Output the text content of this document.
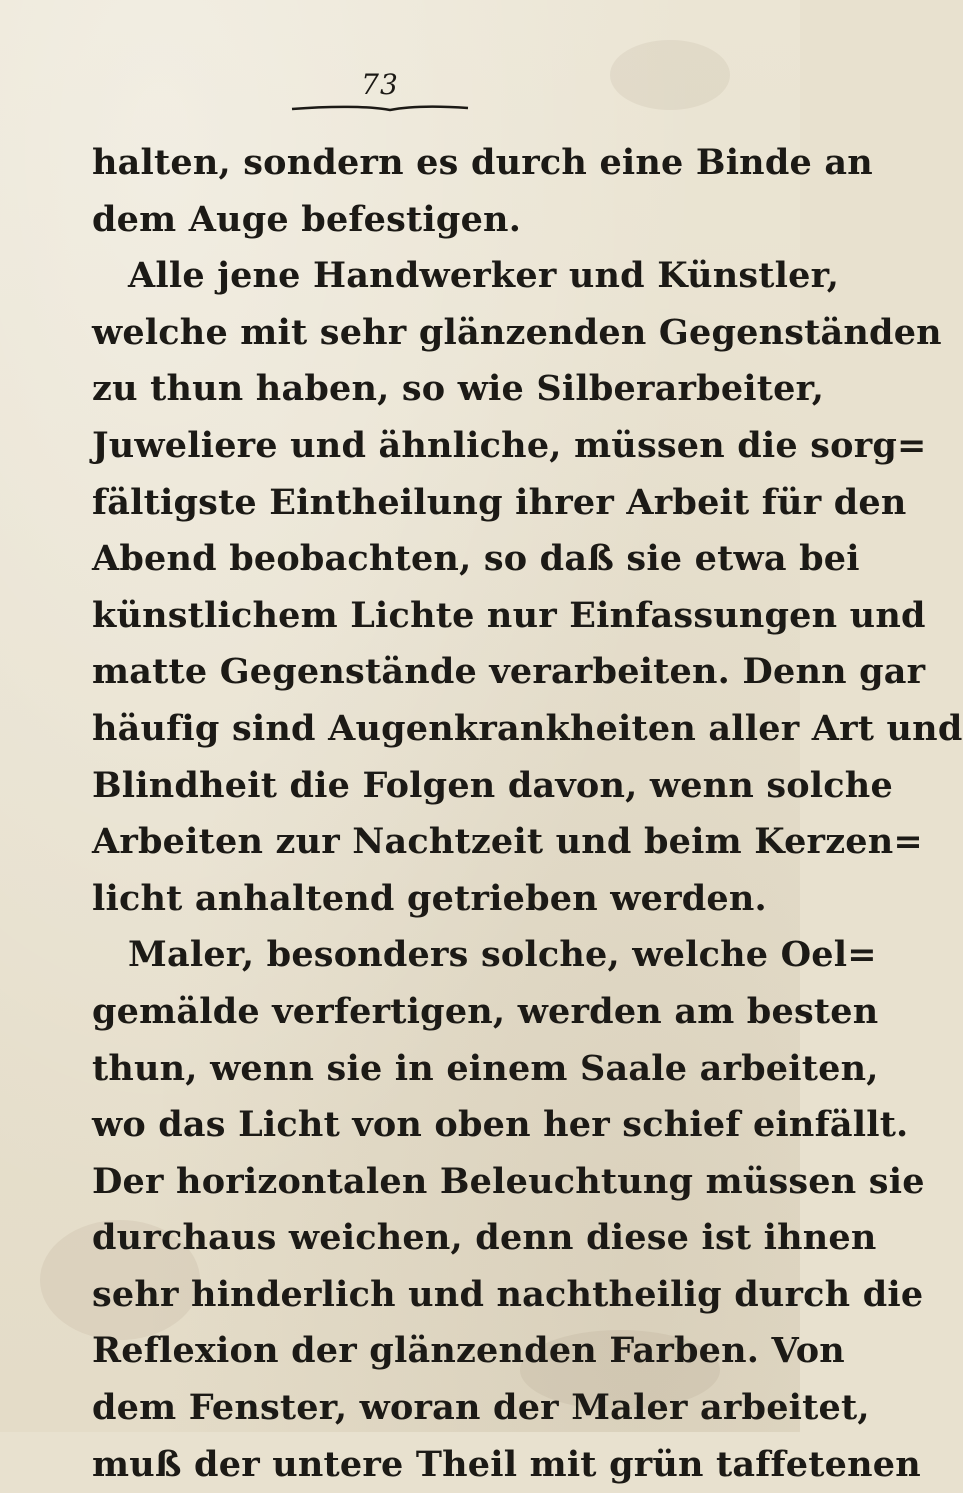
73
halten, sondern es durch eine Binde an
dem Auge befestigen.
Alle jene Handwerker und Künstler,
welche mit sehr glänzenden Gegenständen
zu thun haben, so wie Silberarbeiter,
Juweliere und ähnliche, müssen die sorg=
fältigste Eintheilung ihrer Arbeit für den
Abend beobachten, so daß sie etwa bei
künstlichem Lichte nur Einfassungen und
matte Gegenstände verarbeiten. Denn gar
häufig sind Augenkrankheiten aller Art und
Blindheit die Folgen davon, wenn solche
Arbeiten zur Nachtzeit und beim Kerzen=
licht anhaltend getrieben werden.
Maler, besonders solche, welche Oel=
gemälde verfertigen, werden am besten
thun, wenn sie in einem Saale arbeiten,
wo das Licht von oben her schief einfällt.
Der horizontalen Beleuchtung müssen sie
durchaus weichen, denn diese ist ihnen
sehr hinderlich und nachtheilig durch die
Reflexion der glänzenden Farben. Von
dem Fenster, woran der Maler arbeitet,
muß der untere Theil mit grün taffetenen
